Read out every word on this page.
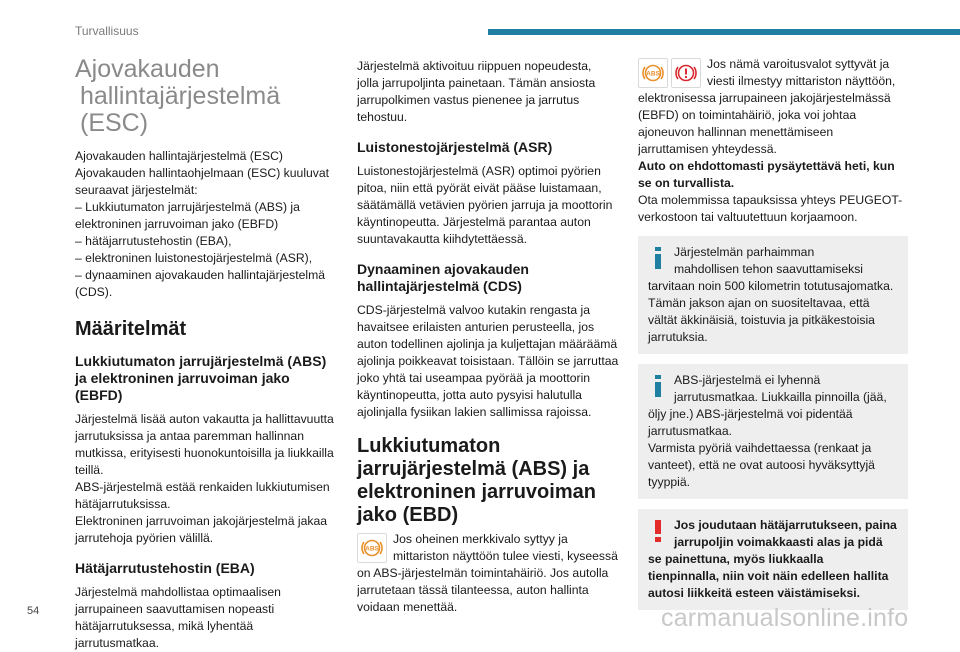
Turvallisuus
Ajovakauden
hallintajärjestelmä (ESC)

Ajovakauden hallintajärjestelmä (ESC)
Ajovakauden hallintaohjelmaan (ESC) kuuluvat
seuraavat järjestelmät:
– Lukkiutumaton jarrujärjestelmä (ABS) ja
elektroninen jarruvoiman jako (EBFD)
– hätäjarrutustehostin (EBA),
– elektroninen luistonestojärjestelmä (ASR),
– dynaaminen ajovakauden hallintajärjestelmä
(CDS).

Määritelmät
Lukkiutumaton jarrujärjestelmä (ABS) ja elektroninen jarruvoiman jako (EBFD)

Järjestelmä lisää auton vakautta ja hallittavuutta
jarrutuksissa ja antaa paremman hallinnan
mutkissa, erityisesti huonokuntoisilla ja liukkailla
teillä.
ABS-järjestelmä estää renkaiden lukkiutumisen
hätäjarrutuksissa.
Elektroninen jarruvoiman jakojärjestelmä jakaa
jarrutehoja pyörien välillä.

Hätäjarrutustehostin (EBA)

Järjestelmä mahdollistaa optimaalisen
jarrupaineen saavuttamisen nopeasti
hätäjarrutuksessa, mikä lyhentää jarrutusmatkaa.

Järjestelmä aktivoituu riippuen nopeudesta,
jolla jarrupoljinta painetaan. Tämän ansiosta
jarrupolkimen vastus pienenee ja jarrutus
tehostuu.

Luistonestojärjestelmä (ASR)

Luistonestojärjestelmä (ASR) optimoi pyörien
pitoa, niin että pyörät eivät pääse luistamaan,
säätämällä vetävien pyörien jarruja ja moottorin
käyntinopeutta. Järjestelmä parantaa auton
suuntavakautta kiihdytettäessä.

Dynaaminen ajovakauden hallintajärjestelmä (CDS)

CDS-järjestelmä valvoo kutakin rengasta ja
havaitsee erilaisten anturien perusteella, jos
auton todellinen ajolinja ja kuljettajan määräämä
ajolinja poikkeavat toisistaan. Tällöin se jarruttaa
joko yhtä tai useampaa pyörää ja moottorin
käyntinopeutta, jotta auto pysyisi halutulla
ajolinjalla fysiikan lakien sallimissa rajoissa.

Lukkiutumaton jarrujärjestelmä (ABS) ja elektroninen jarruvoiman jako (EBD)
ABS
Jos oheinen merkkivalo syttyy ja
mittariston näyttöön tulee viesti, kyseessä
on ABS-järjestelmän toimintahäiriö. Jos autolla
jarrutetaan tässä tilanteessa, auton hallinta
voidaan menettää.
ABS
Jos nämä varoitusvalot syttyvät ja
viesti ilmestyy mittariston näyttöön,
elektronisessa jarrupaineen jakojärjestelmässä
(EBFD) on toimintahäiriö, joka voi johtaa
ajoneuvon hallinnan menettämiseen
jarruttamisen yhteydessä.
Auto on ehdottomasti pysäytettävä heti, kun
se on turvallista.
Ota molemmissa tapauksissa yhteys PEUGEOT-
verkostoon tai valtuutettuun korjaamoon.
Järjestelmän parhaimman
mahdollisen tehon saavuttamiseksi
tarvitaan noin 500 kilometrin totutusajomatka.
Tämän jakson ajan on suositeltavaa, että
vältät äkkinäisiä, toistuvia ja pitkäkestoisia
jarrutuksia.
ABS-järjestelmä ei lyhennä
jarrutusmatkaa. Liukkailla pinnoilla (jää,
öljy jne.) ABS-järjestelmä voi pidentää
jarrutusmatkaa.
Varmista pyöriä vaihdettaessa (renkaat ja
vanteet), että ne ovat autoosi hyväksyttyjä
tyyppiä.
Jos joudutaan hätäjarrutukseen, paina
jarrupoljin voimakkaasti alas ja pidä
se painettuna, myös liukkaalla
tienpinnalla, niin voit näin edelleen hallita
autosi liikkeitä esteen väistämiseksi.
54	carmanualsonline.info
